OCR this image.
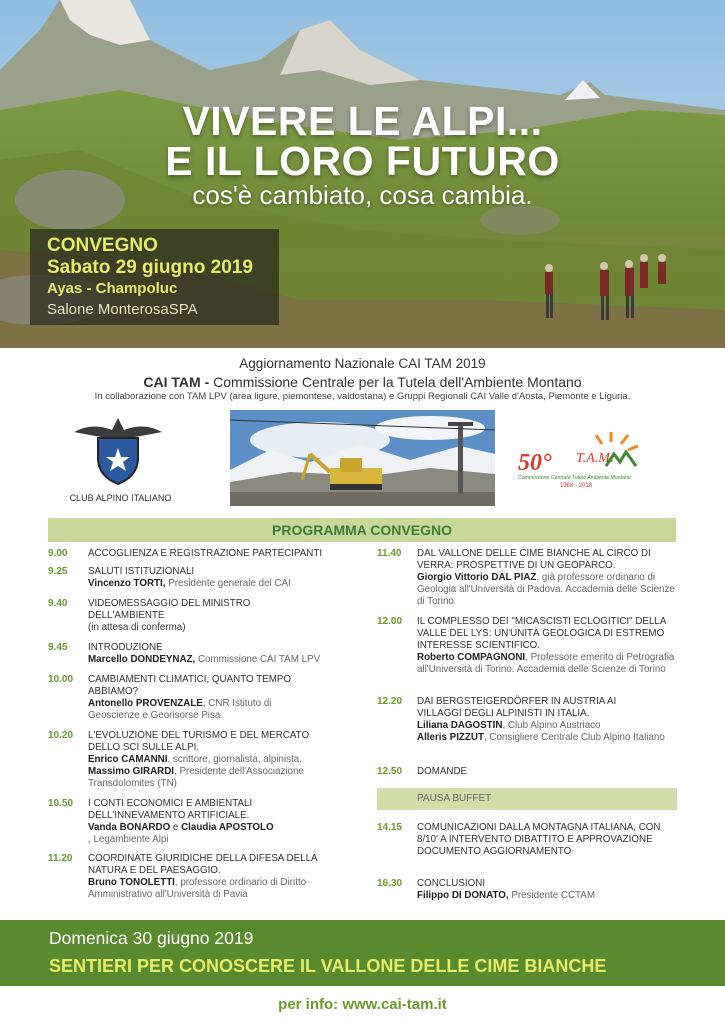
VIVERE LE ALPI...
E IL LORO FUTURO
cos'è cambiato, cosa cambia.
CONVEGNO
Sabato 29 giugno 2019
Ayas - Champoluc
Salone MonterosaSPA
Aggiornamento Nazionale CAI TAM 2019
CAI TAM - Commissione Centrale per la Tutela dell'Ambiente Montano
In collaborazione con TAM LPV (area ligure, piemontese, valdostana) e Gruppi Regionali CAI Valle d'Aosta, Piemonte e Liguria.
CLUB ALPINO ITALIANO
50° T.A.M.
Commissione Centrale Tutela Ambiente Montano
1968 - 2018
PROGRAMMA CONVEGNO
9.00	ACCOGLIENZA E REGISTRAZIONE PARTECIPANTI
9.25	SALUTI ISTITUZIONALI
Vincenzo TORTI, Presidente generale del CAI
9.40	VIDEOMESSAGGIO DEL MINISTRO DELL'AMBIENTE
(in attesa di conferma)
9.45	INTRODUZIONE
Marcello DONDEYNAZ, Commissione CAI TAM LPV
10.00	CAMBIAMENTI CLIMATICI, QUANTO TEMPO ABBIAMO?
Antonello PROVENZALE, CNR Istituto di Geoscienze e Georisorse Pisa
10.20	L'EVOLUZIONE DEL TURISMO E DEL MERCATO DELLO SCI SULLE ALPI.
Enrico CAMANNI, scrittore, giornalista, alpinista.
Massimo GIRARDI, Presidente dell'Associazione Transdolomites (TN)
10.50	I CONTI ECONOMICI E AMBIENTALI DELL'INNEVAMENTO ARTIFICIALE.
Vanda BONARDO e Claudia APOSTOLO
, Legambiente Alpi
11.20	COORDINATE GIURIDICHE DELLA DIFESA DELLA NATURA E DEL PAESAGGIO.
Bruno TONOLETTI, professore ordinario di Diritto Amministrativo all'Università di Pavia
11.40	DAL VALLONE DELLE CIME BIANCHE AL CIRCO DI VERRA: PROSPETTIVE DI UN GEOPARCO.
Giorgio Vittorio DAL PIAZ, già professore ordinario di Geologia all'Università di Padova. Accademia delle Scienze di Torino
12.00	IL COMPLESSO DEI "MICASCISTI ECLOGITICI" DELLA VALLE DEL LYS: UN'UNITÀ GEOLOGICA DI ESTREMO INTERESSE SCIENTIFICO.
Roberto COMPAGNONI, Professore emerito di Petrografia all'Università di Torino. Accademia delle Scienze di Torino
12.20	DAI BERGSTEIGERDÖRFER IN AUSTRIA AI VILLAGGI DEGLI ALPINISTI IN ITALIA.
Liliana DAGOSTIN, Club Alpino Austriaco
Alleris PIZZUT, Consigliere Centrale Club Alpino Italiano
12.50	DOMANDE
PAUSA BUFFET
14.15	COMUNICAZIONI DALLA MONTAGNA ITALIANA, CON 8/10' A INTERVENTO DIBATTITO E APPROVAZIONE DOCUMENTO AGGIORNAMENTO
16.30	CONCLUSIONI
Filippo DI DONATO, Presidente CCTAM
Domenica 30 giugno 2019
SENTIERI PER CONOSCERE IL VALLONE DELLE CIME BIANCHE
per info: www.cai-tam.it
